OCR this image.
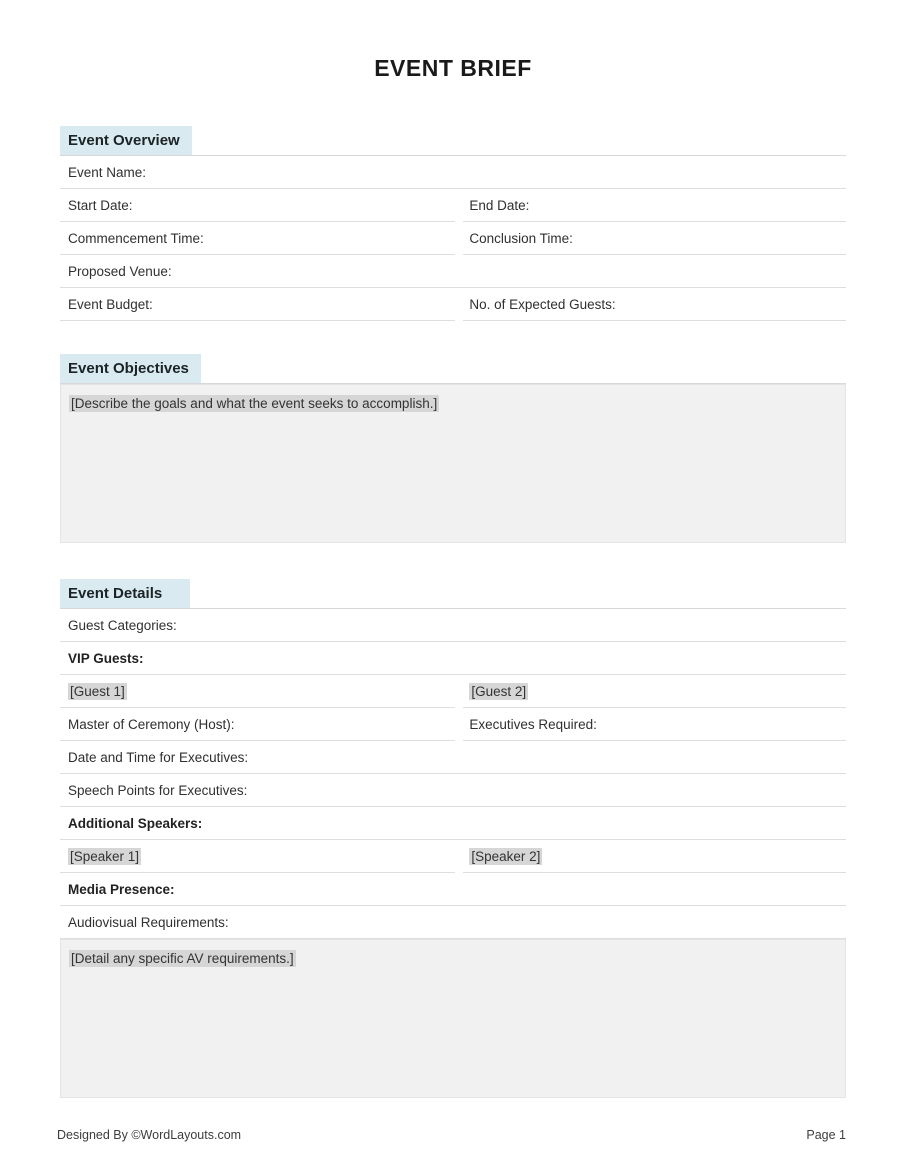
EVENT BRIEF
Event Overview
Event Name:
Start Date:	End Date:
Commencement Time:	Conclusion Time:
Proposed Venue:
Event Budget:	No. of Expected Guests:
Event Objectives
[Describe the goals and what the event seeks to accomplish.]
Event Details
Guest Categories:
VIP Guests:
[Guest 1]	[Guest 2]
Master of Ceremony (Host):	Executives Required:
Date and Time for Executives:
Speech Points for Executives:
Additional Speakers:
[Speaker 1]	[Speaker 2]
Media Presence:
Audiovisual Requirements:
[Detail any specific AV requirements.]
Designed By ©WordLayouts.com	Page 1
